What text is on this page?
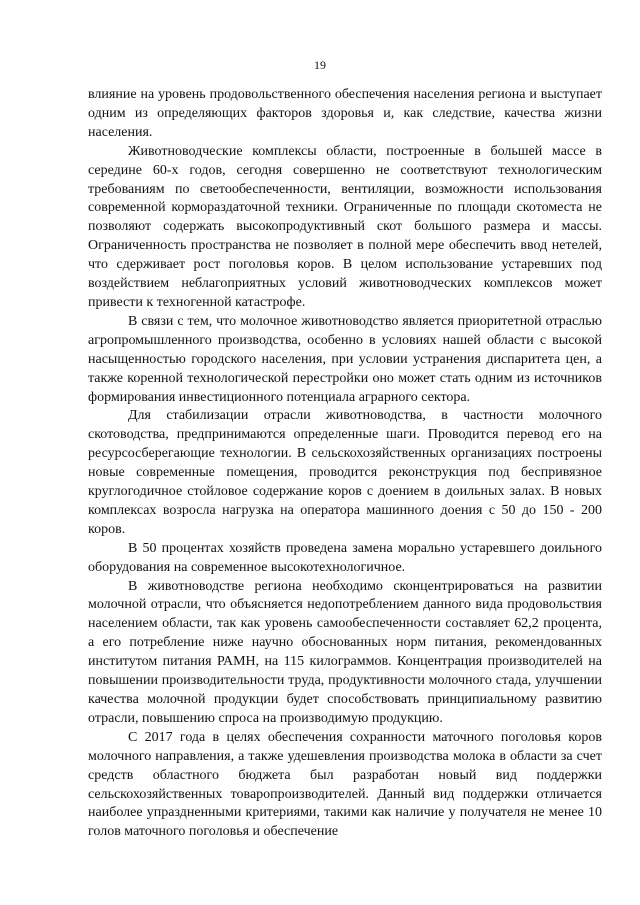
19

влияние на уровень продовольственного обеспечения населения региона и выступает одним из определяющих факторов здоровья и, как следствие, качества жизни населения.

Животноводческие комплексы области, построенные в большей массе в середине 60-х годов, сегодня совершенно не соответствуют технологическим требованиям по светообеспеченности, вентиляции, возможности использования современной кормораздаточной техники. Ограниченные по площади скотоместа не позволяют содержать высокопродуктивный скот большого размера и массы. Ограниченность пространства не позволяет в полной мере обеспечить ввод нетелей, что сдерживает рост поголовья коров. В целом использование устаревших под воздействием неблагоприятных условий животноводческих комплексов может привести к техногенной катастрофе.

В связи с тем, что молочное животноводство является приоритетной отраслью агропромышленного производства, особенно в условиях нашей области с высокой насыщенностью городского населения, при условии устранения диспаритета цен, а также коренной технологической перестройки оно может стать одним из источников формирования инвестиционного потенциала аграрного сектора.

Для стабилизации отрасли животноводства, в частности молочного скотоводства, предпринимаются определенные шаги. Проводится перевод его на ресурсосберегающие технологии. В сельскохозяйственных организациях построены новые современные помещения, проводится реконструкция под беспривязное круглогодичное стойловое содержание коров с доением в доильных залах. В новых комплексах возросла нагрузка на оператора машинного доения с 50 до 150 - 200 коров.

В 50 процентах хозяйств проведена замена морально устаревшего доильного оборудования на современное высокотехнологичное.

В животноводстве региона необходимо сконцентрироваться на развитии молочной отрасли, что объясняется недопотреблением данного вида продовольствия населением области, так как уровень самообеспеченности составляет 62,2 процента, а его потребление ниже научно обоснованных норм питания, рекомендованных институтом питания РАМН, на 115 килограммов. Концентрация производителей на повышении производительности труда, продуктивности молочного стада, улучшении качества молочной продукции будет способствовать принципиальному развитию отрасли, повышению спроса на производимую продукцию.

С 2017 года в целях обеспечения сохранности маточного поголовья коров молочного направления, а также удешевления производства молока в области за счет средств областного бюджета был разработан новый вид поддержки сельскохозяйственных товаропроизводителей. Данный вид поддержки отличается наиболее упраздненными критериями, такими как наличие у получателя не менее 10 голов маточного поголовья и обеспечение
